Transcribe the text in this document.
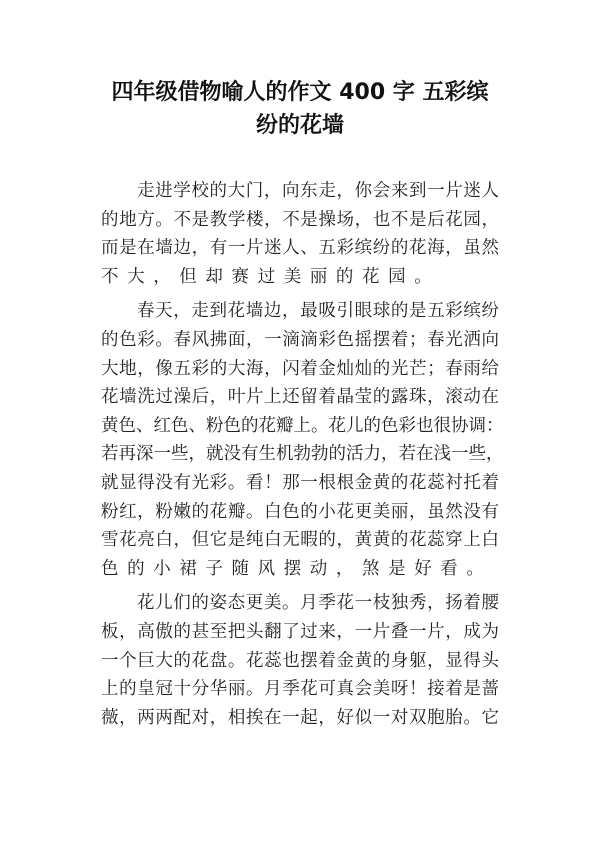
四年级借物喻人的作文 400 字 五彩缤
纷的花墙
走进学校的大门，向东走，你会来到一片迷人
的地方。不是教学楼，不是操场，也不是后花园，
而是在墙边，有一片迷人、五彩缤纷的花海，虽然
不大，但却赛过美丽的花园。
春天，走到花墙边，最吸引眼球的是五彩缤纷
的色彩。春风拂面，一滴滴彩色摇摆着；春光洒向
大地，像五彩的大海，闪着金灿灿的光芒；春雨给
花墙洗过澡后，叶片上还留着晶莹的露珠，滚动在
黄色、红色、粉色的花瓣上。花儿的色彩也很协调：
若再深一些，就没有生机勃勃的活力，若在浅一些，
就显得没有光彩。看！那一根根金黄的花蕊衬托着
粉红，粉嫩的花瓣。白色的小花更美丽，虽然没有
雪花亮白，但它是纯白无暇的，黄黄的花蕊穿上白
色的小裙子随风摆动，煞是好看。
花儿们的姿态更美。月季花一枝独秀，扬着腰
板，高傲的甚至把头翻了过来，一片叠一片，成为
一个巨大的花盘。花蕊也摆着金黄的身躯，显得头
上的皇冠十分华丽。月季花可真会美呀！接着是蔷
薇，两两配对，相挨在一起，好似一对双胞胎。它
